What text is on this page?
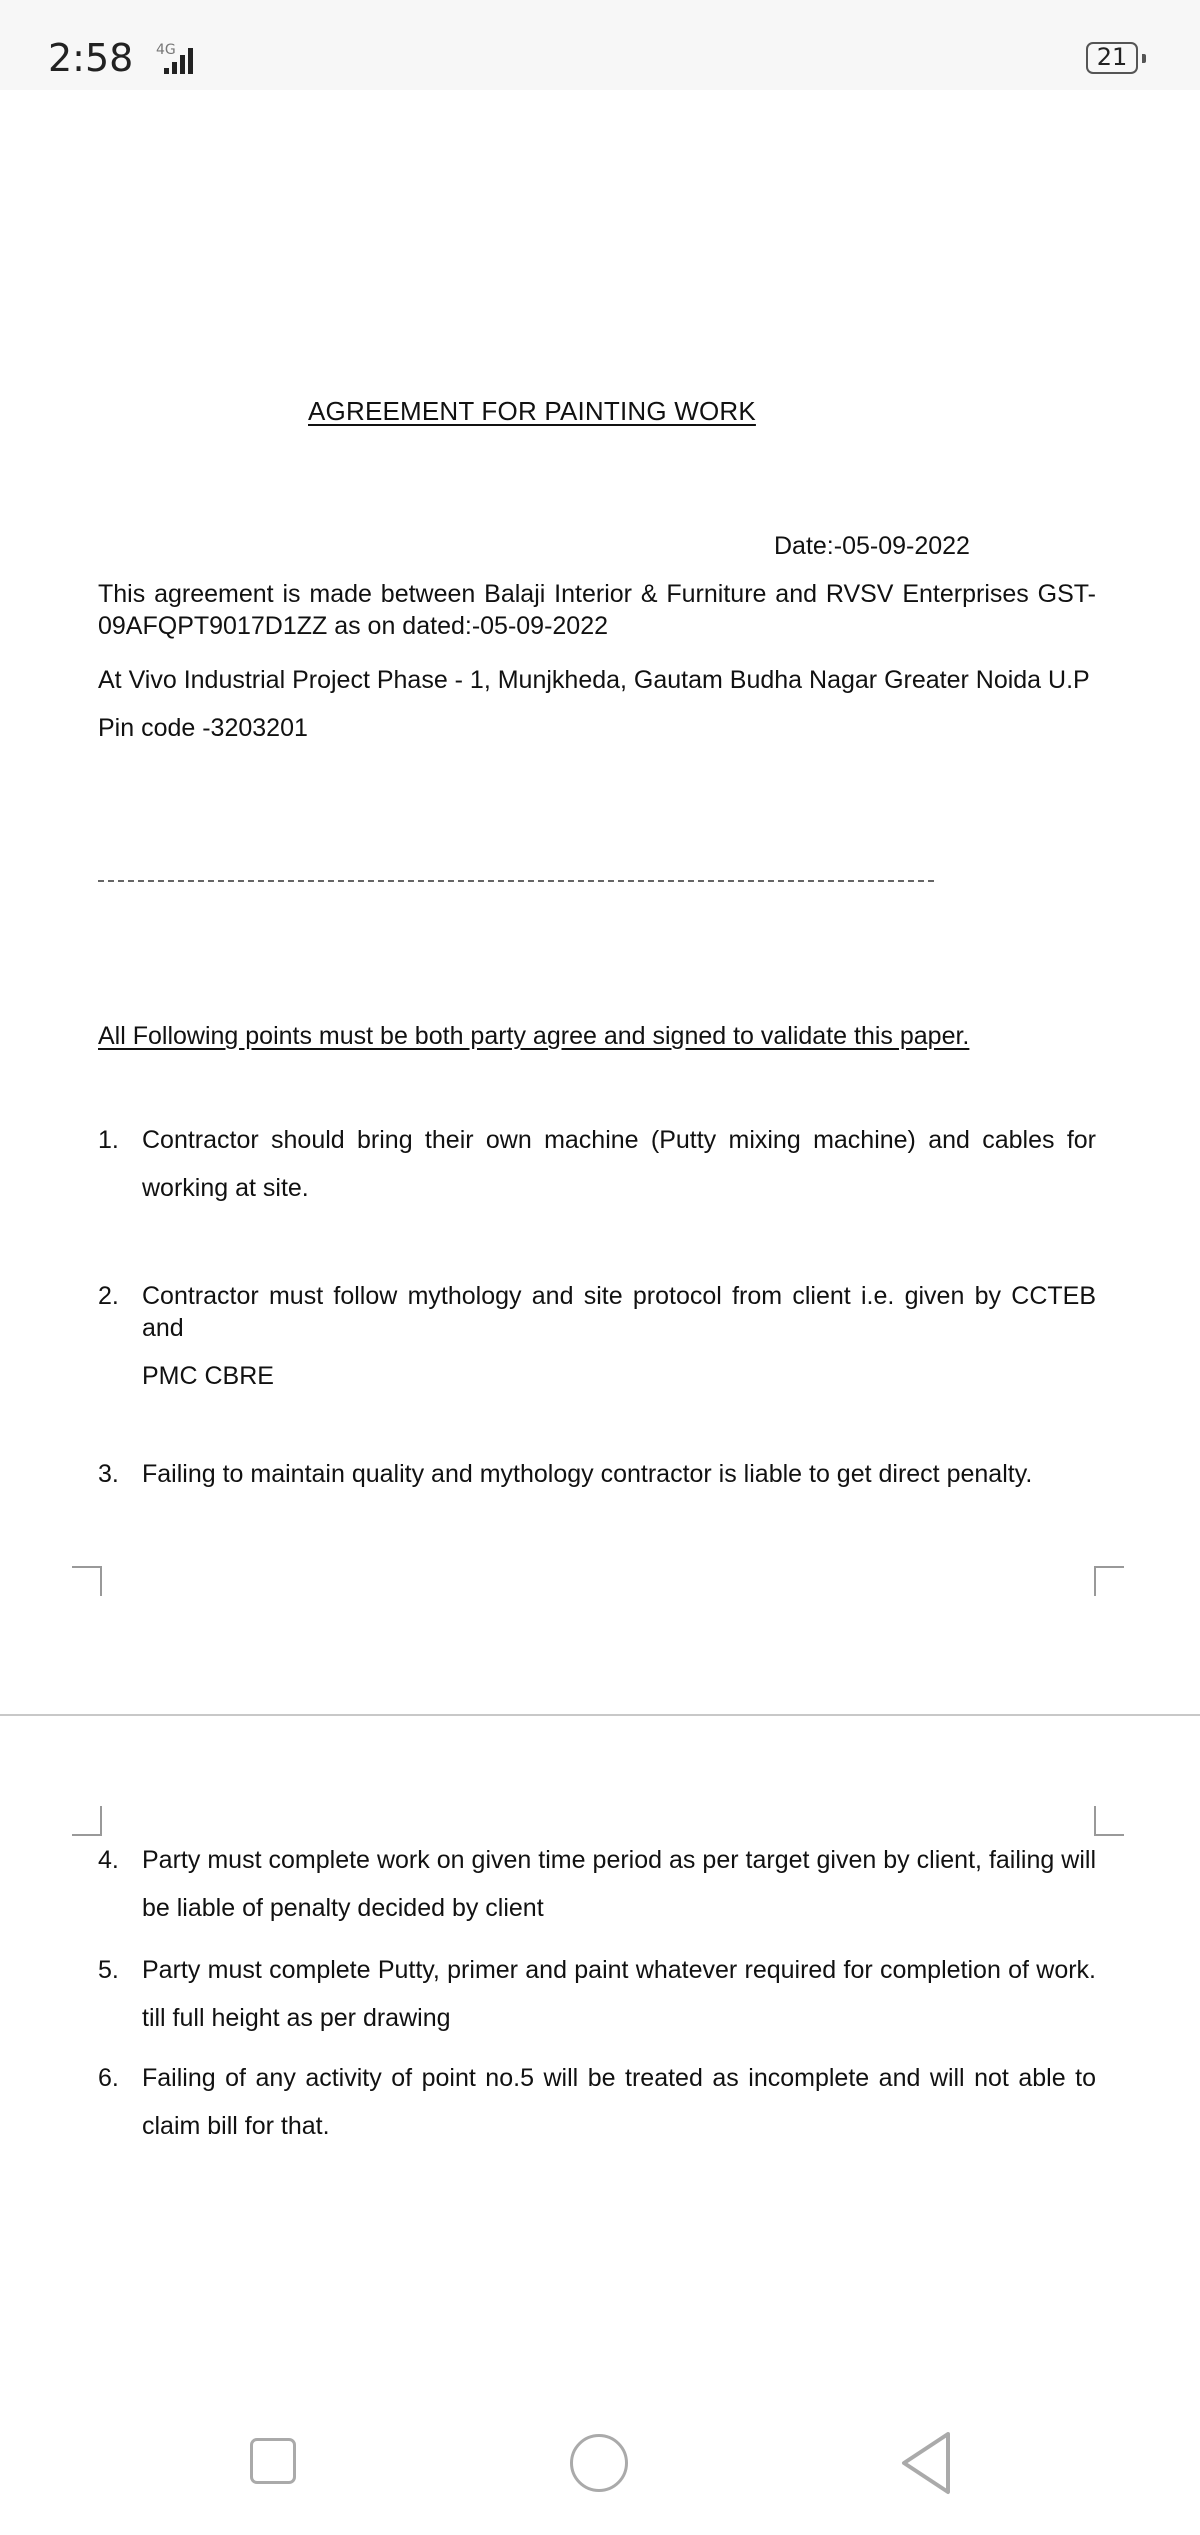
2:58 4G	21
AGREEMENT FOR PAINTING WORK
Date:-05-09-2022
This agreement is made between Balaji Interior & Furniture and RVSV Enterprises GST-09AFQPT9017D1ZZ as on dated:-05-09-2022
At Vivo Industrial Project Phase - 1, Munjkheda, Gautam Budha Nagar Greater Noida U.P Pin code -3203201
All Following points must be both party agree and signed to validate this paper.
1. Contractor should bring their own machine (Putty mixing machine) and cables for working at site.
2. Contractor must follow mythology and site protocol from client i.e. given by CCTEB and
PMC CBRE
3. Failing to maintain quality and mythology contractor is liable to get direct penalty.
4. Party must complete work on given time period as per target given by client, failing will be liable of penalty decided by client
5. Party must complete Putty, primer and paint whatever required for completion of work. till full height as per drawing
6. Failing of any activity of point no.5 will be treated as incomplete and will not able to claim bill for that.
